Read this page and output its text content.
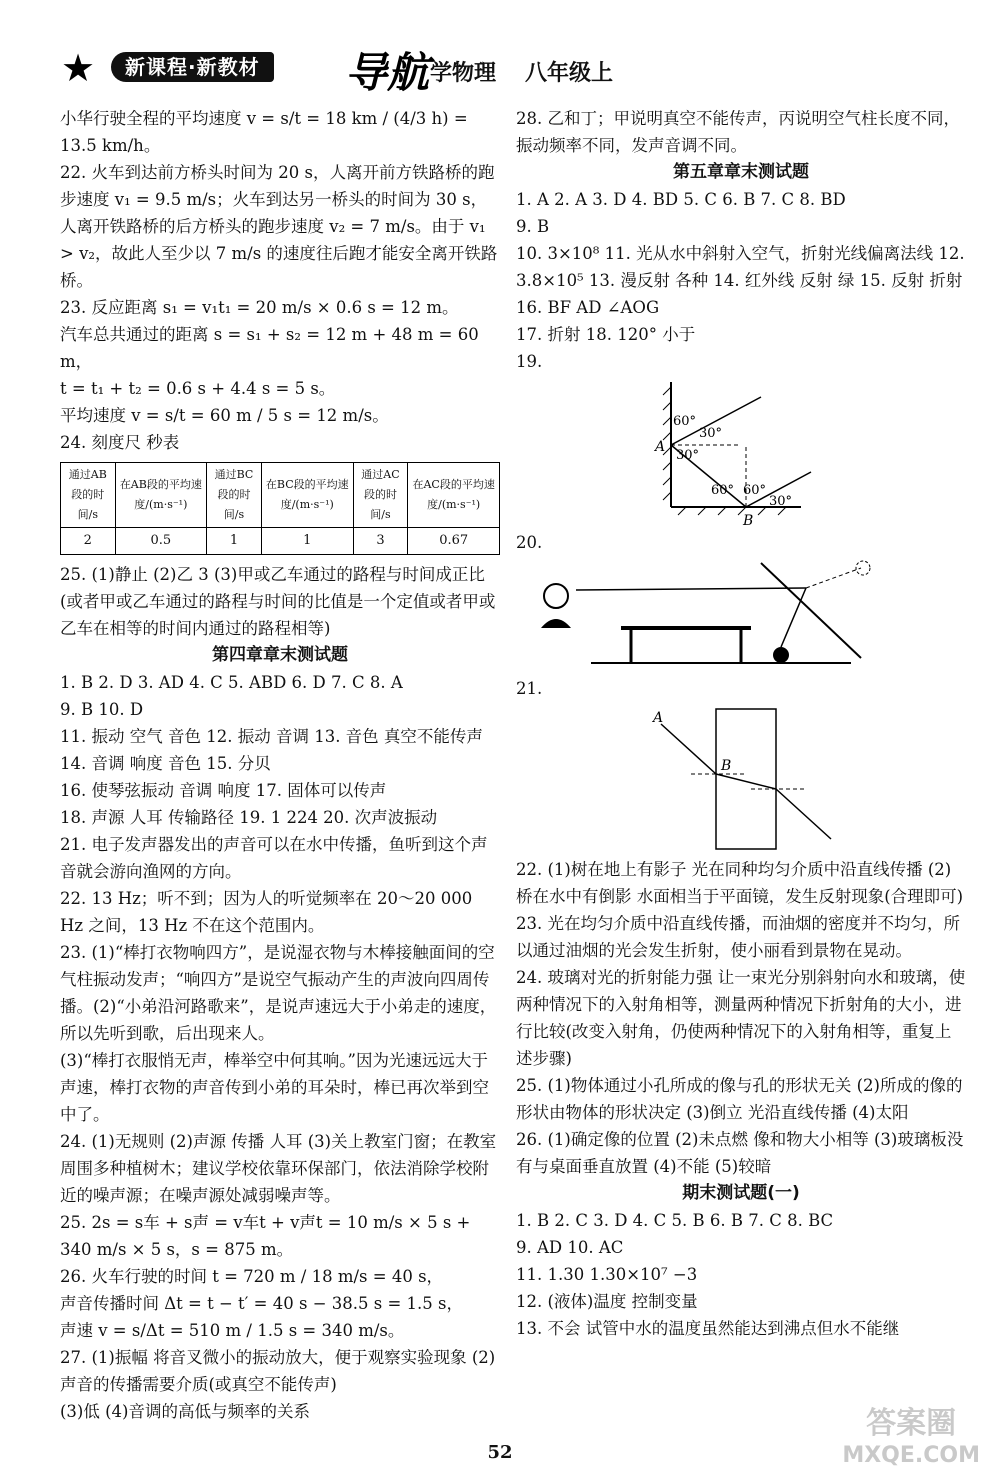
★	新课程·新教材	导航 学物理 八年级上

小华行驶全程的平均速度 v = s/t = 18 km / (4/3 h) = 13.5 km/h。

22. 火车到达前方桥头时间为 20 s，人离开前方铁路桥的跑步速度 v₁ = 9.5 m/s；火车到达另一桥头的时间为 30 s，人离开铁路桥的后方桥头的跑步速度 v₂ = 7 m/s。由于 v₁ > v₂，故此人至少以 7 m/s 的速度往后跑才能安全离开铁路桥。

23. 反应距离 s₁ = v₁t₁ = 20 m/s × 0.6 s = 12 m。

汽车总共通过的距离 s = s₁ + s₂ = 12 m + 48 m = 60 m，

t = t₁ + t₂ = 0.6 s + 4.4 s = 5 s。

平均速度 v = s/t = 60 m / 5 s = 12 m/s。

24. 刻度尺 秒表

通过AB段的时间/s	在AB段的平均速度/(m·s⁻¹)	通过BC段的时间/s	在BC段的平均速度/(m·s⁻¹)	通过AC段的时间/s	在AC段的平均速度/(m·s⁻¹)
2	0.5	1	1	3	0.67

25. (1)静止 (2)乙 3 (3)甲或乙车通过的路程与时间成正比(或者甲或乙车通过的路程与时间的比值是一个定值或者甲或乙车在相等的时间内通过的路程相等)

第四章章末测试题

1. B 2. D 3. AD 4. C 5. ABD 6. D 7. C 8. A

9. B 10. D

11. 振动 空气 音色 12. 振动 音调 13. 音色 真空不能传声 14. 音调 响度 音色 15. 分贝

16. 使琴弦振动 音调 响度 17. 固体可以传声

18. 声源 人耳 传输路径 19. 1 224 20. 次声波振动

21. 电子发声器发出的声音可以在水中传播，鱼听到这个声音就会游向渔网的方向。

22. 13 Hz；听不到；因为人的听觉频率在 20～20 000 Hz 之间，13 Hz 不在这个范围内。

23. (1)“棒打衣物响四方”，是说湿衣物与木棒接触面间的空气柱振动发声；“响四方”是说空气振动产生的声波向四周传播。(2)“小弟沿河路歌来”，是说声速远大于小弟走的速度，所以先听到歌，后出现来人。

(3)“棒打衣服悄无声，棒举空中何其响。”因为光速远远大于声速，棒打衣物的声音传到小弟的耳朵时，棒已再次举到空中了。

24. (1)无规则 (2)声源 传播 人耳 (3)关上教室门窗；在教室周围多种植树木；建议学校依靠环保部门，依法消除学校附近的噪声源；在噪声源处减弱噪声等。

25. 2s = s车 + s声 = v车t + v声t = 10 m/s × 5 s + 340 m/s × 5 s，s = 875 m。

26. 火车行驶的时间 t = 720 m / 18 m/s = 40 s，

声音传播时间 Δt = t − t′ = 40 s − 38.5 s = 1.5 s，

声速 v = s/Δt = 510 m / 1.5 s = 340 m/s。

27. (1)振幅 将音叉微小的振动放大，便于观察实验现象 (2)声音的传播需要介质(或真空不能传声)

(3)低 (4)音调的高低与频率的关系

28. 乙和丁；甲说明真空不能传声，丙说明空气柱长度不同，振动频率不同，发声音调不同。

第五章章末测试题

1. A 2. A 3. D 4. BD 5. C 6. B 7. C 8. BD

9. B

10. 3×10⁸ 11. 光从水中斜射入空气，折射光线偏离法线 12. 3.8×10⁵ 13. 漫反射 各种 14. 红外线 反射 绿 15. 反射 折射 16. BF AD ∠AOG

17. 折射 18. 120° 小于

19.

60°
30°
30°
60° 60°
30°
A
B

20.

21.

A
B

22. (1)树在地上有影子 光在同种均匀介质中沿直线传播 (2)桥在水中有倒影 水面相当于平面镜，发生反射现象(合理即可)

23. 光在均匀介质中沿直线传播，而油烟的密度并不均匀，所以通过油烟的光会发生折射，使小丽看到景物在晃动。

24. 玻璃对光的折射能力强 让一束光分别斜射向水和玻璃，使两种情况下的入射角相等，测量两种情况下折射角的大小，进行比较(改变入射角，仍使两种情况下的入射角相等，重复上述步骤)

25. (1)物体通过小孔所成的像与孔的形状无关 (2)所成的像的形状由物体的形状决定 (3)倒立 光沿直线传播 (4)太阳

26. (1)确定像的位置 (2)未点燃 像和物大小相等 (3)玻璃板没有与桌面垂直放置 (4)不能 (5)较暗

期末测试题(一)

1. B 2. C 3. D 4. C 5. B 6. B 7. C 8. BC

9. AD 10. AC

11. 1.30 1.30×10⁷ −3

12. (液体)温度 控制变量

13. 不会 试管中水的温度虽然能达到沸点但水不能继

52
答案圈
MXQE.COM
